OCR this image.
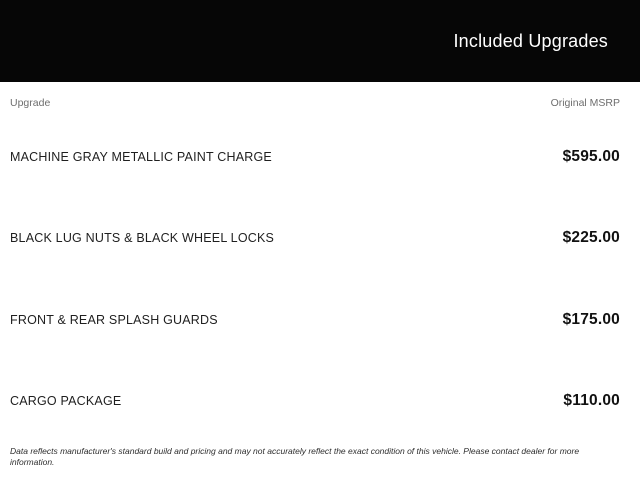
Included Upgrades
Upgrade	Original MSRP
MACHINE GRAY METALLIC PAINT CHARGE	$595.00
BLACK LUG NUTS & BLACK WHEEL LOCKS	$225.00
FRONT & REAR SPLASH GUARDS	$175.00
CARGO PACKAGE	$110.00
Data reflects manufacturer's standard build and pricing and may not accurately reflect the exact condition of this vehicle. Please contact dealer for more information.
